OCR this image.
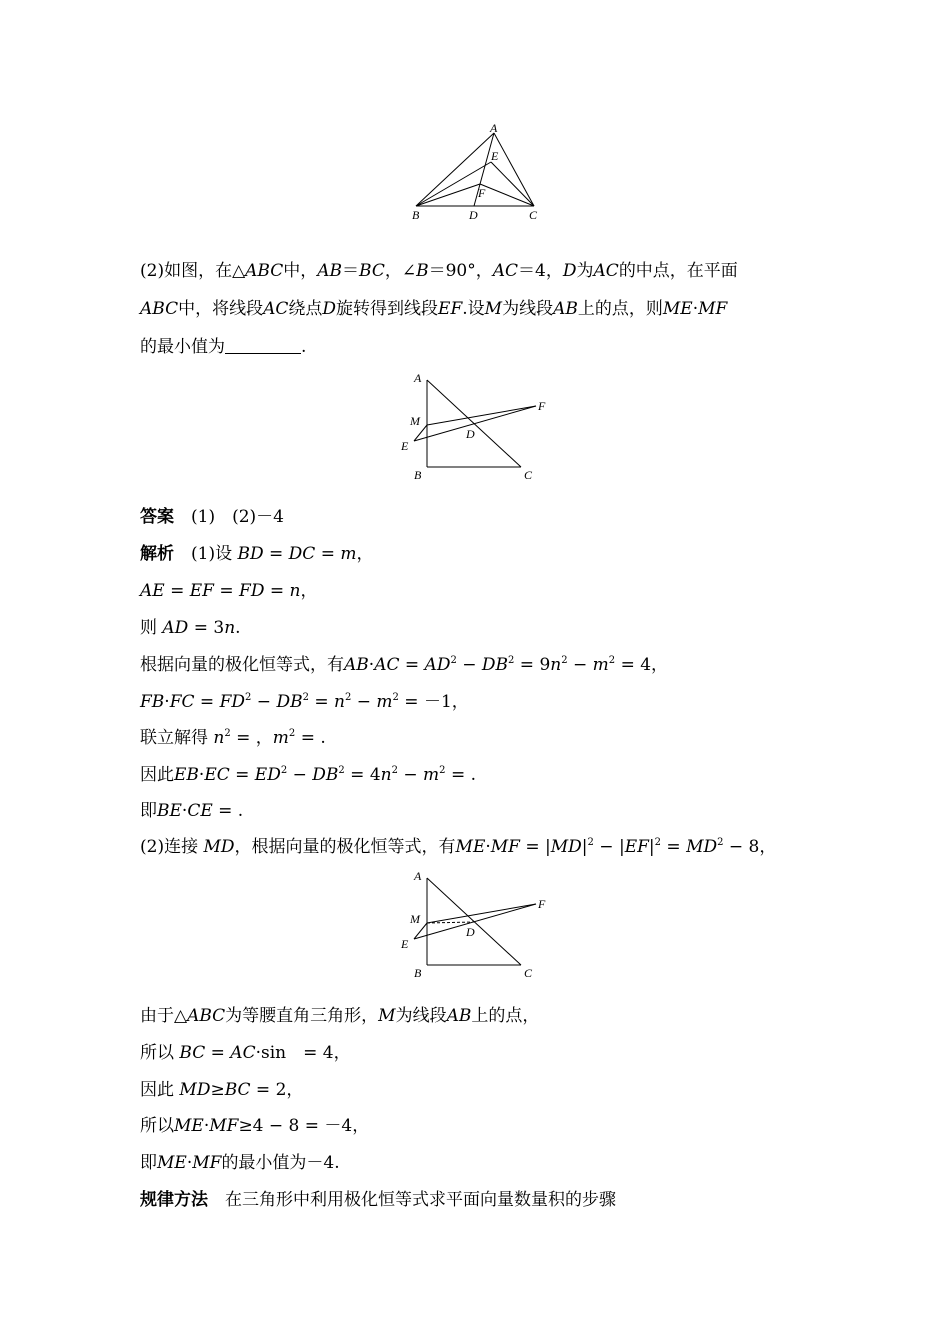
A
E
F
B	D	C
(2)如图，在△ABC中，AB＝BC，∠B＝90°，AC＝4，D为AC的中点，在平面
ABC中，将线段AC绕点D旋转得到线段EF.设M为线段AB上的点，则ME·MF
的最小值为	.
A
M
E
B
F
D
C
答案　 (1)　(2)－4
解析　 (1)设 BD = DC = m，
AE = EF = FD = n，
则 AD = 3n.
根据向量的极化恒等式，有$AB\cdot AC = AD^2 - DB^2 = 9n^2 - m^2 = 4$，
$FB\cdot FC = FD^2 - DB^2 = n^2 - m^2 = -1$，
联立解得 $n^2$ = ，$m^2$ = .
因此$EB\cdot EC = ED^2 - DB^2 = 4n^2 - m^2$ = .
即BE·CE = .
(2)连接 MD，根据向量的极化恒等式，有$ME\cdot MF = |MD|^2 - |EF|^2 = MD^2 - 8$，
A
M
E
B
F
D
C
由于△ABC为等腰直角三角形，M为线段AB上的点，
所以 BC = AC·sin　= 4，
因此 MD≥BC = 2，
所以ME·MF≥4 − 8 = －4，
即ME·MF的最小值为－4.
规律方法　 在三角形中利用极化恒等式求平面向量数量积的步骤
